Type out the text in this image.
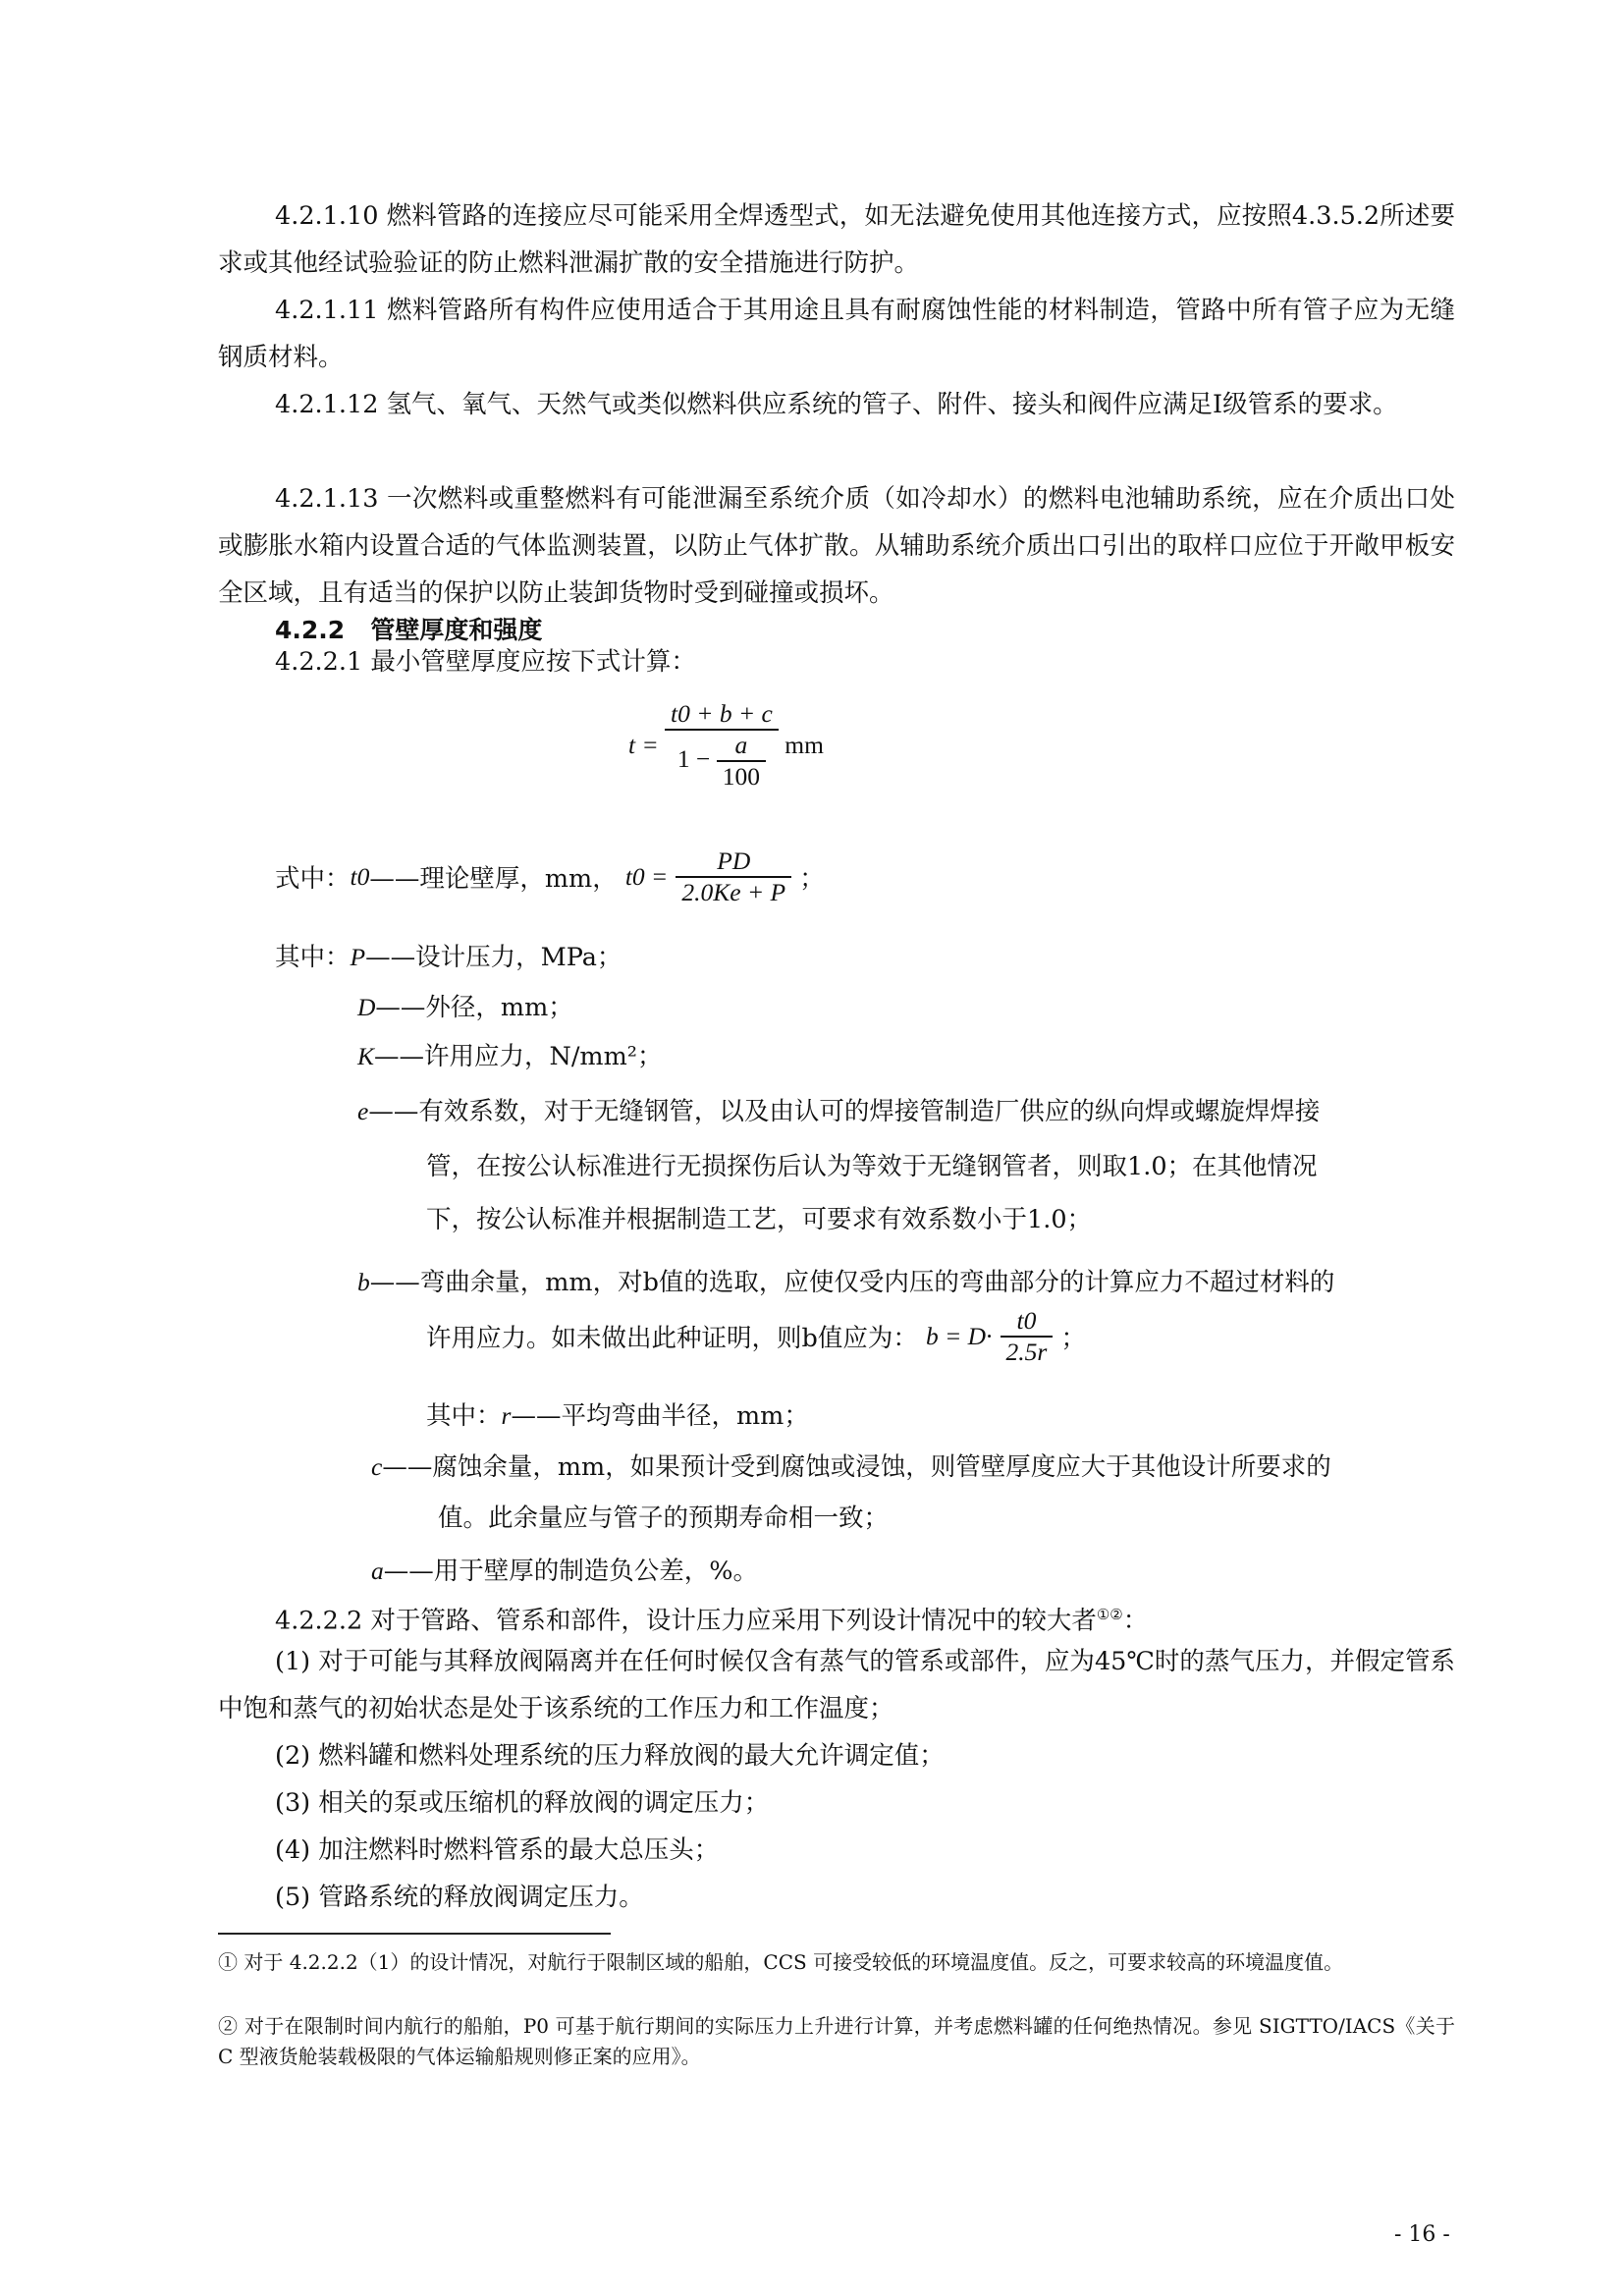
4.2.1.10 燃料管路的连接应尽可能采用全焊透型式，如无法避免使用其他连接方式，应按照4.3.5.2所述要求或其他经试验验证的防止燃料泄漏扩散的安全措施进行防护。

4.2.1.11 燃料管路所有构件应使用适合于其用途且具有耐腐蚀性能的材料制造，管路中所有管子应为无缝钢质材料。

4.2.1.12 氢气、氧气、天然气或类似燃料供应系统的管子、附件、接头和阀件应满足I级管系的要求。

4.2.1.13 一次燃料或重整燃料有可能泄漏至系统介质（如冷却水）的燃料电池辅助系统，应在介质出口处或膨胀水箱内设置合适的气体监测装置，以防止气体扩散。从辅助系统介质出口引出的取样口应位于开敞甲板安全区域，且有适当的保护以防止装卸货物时受到碰撞或损坏。

4.2.2 管壁厚度和强度
4.2.2.1 最小管壁厚度应按下式计算：
$t = \frac{t0 + b + c}{1 - \frac{a}{100}}$ mm
式中：t0——理论壁厚，mm， $t0 = \frac{PD}{2.0Ke + P}$ ；
其中：P——设计压力，MPa；
D——外径，mm；
K——许用应力，N/mm²；
e——有效系数，对于无缝钢管，以及由认可的焊接管制造厂供应的纵向焊或螺旋焊焊接
管，在按公认标准进行无损探伤后认为等效于无缝钢管者，则取1.0；在其他情况
下，按公认标准并根据制造工艺，可要求有效系数小于1.0；
b——弯曲余量，mm，对b值的选取，应使仅受内压的弯曲部分的计算应力不超过材料的
许用应力。如未做出此种证明，则b值应为： $b = D\cdot \frac{t0}{2.5r}$ ；
其中：r——平均弯曲半径，mm；
c——腐蚀余量，mm，如果预计受到腐蚀或浸蚀，则管壁厚度应大于其他设计所要求的
值。此余量应与管子的预期寿命相一致；
a——用于壁厚的制造负公差，%。
4.2.2.2 对于管路、管系和部件，设计压力应采用下列设计情况中的较大者①②：

(1) 对于可能与其释放阀隔离并在任何时候仅含有蒸气的管系或部件，应为45℃时的蒸气压力，并假定管系中饱和蒸气的初始状态是处于该系统的工作压力和工作温度；

(2) 燃料罐和燃料处理系统的压力释放阀的最大允许调定值；
(3) 相关的泵或压缩机的释放阀的调定压力；
(4) 加注燃料时燃料管系的最大总压头；
(5) 管路系统的释放阀调定压力。

① 对于 4.2.2.2（1）的设计情况，对航行于限制区域的船舶，CCS 可接受较低的环境温度值。反之，可要求较高的环境温度值。

② 对于在限制时间内航行的船舶，P0 可基于航行期间的实际压力上升进行计算，并考虑燃料罐的任何绝热情况。参见 SIGTTO/IACS《关于 C 型液货舱装载极限的气体运输船规则修正案的应用》。

- 16 -
